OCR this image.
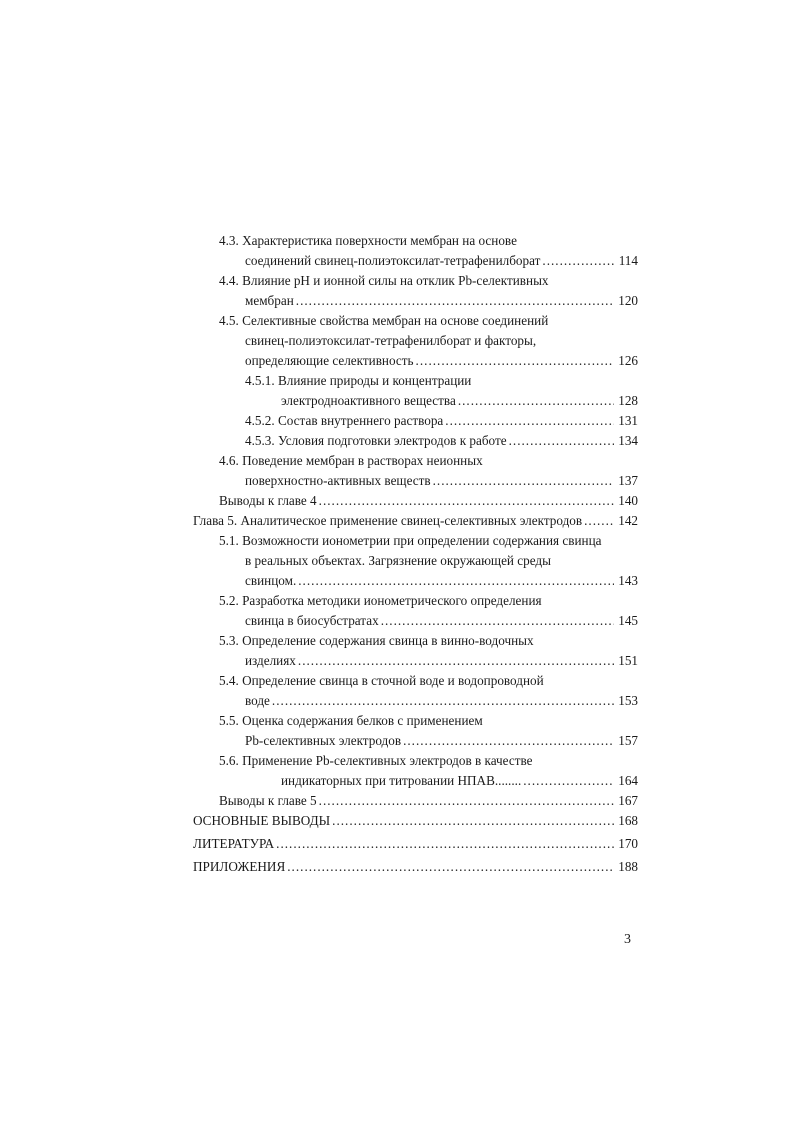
4.3. Характеристика поверхности мембран на основе
соединений свинец-полиэтоксилат-тетрафенилборат .....	114
4.4. Влияние pH и ионной силы на отклик Pb-селективных
мембран .....	120
4.5. Селективные свойства мембран на основе соединений
свинец-полиэтоксилат-тетрафенилборат и факторы,
определяющие селективность .....	126
4.5.1. Влияние природы и концентрации
электродноактивного вещества .....	128
4.5.2. Состав внутреннего раствора .....	131
4.5.3. Условия подготовки электродов к работе .....	134
4.6. Поведение мембран в растворах неионных
поверхностно-активных веществ .....	137
Выводы к главе 4 .....	140
Глава 5. Аналитическое применение свинец-селективных электродов .....	142
5.1. Возможности ионометрии при определении содержания свинца
в реальных объектах. Загрязнение окружающей среды
свинцом. .....	143
5.2. Разработка методики ионометрического определения
свинца в биосубстратах .....	145
5.3. Определение содержания свинца в винно-водочных
изделиях .....	151
5.4. Определение свинца в сточной воде и водопроводной
воде .....	153
5.5. Оценка содержания белков с применением
Pb-селективных электродов .....	157
5.6. Применение Pb-селективных электродов в качестве
индикаторных при титровании НПАВ........ .....	164
Выводы к главе 5 .....	167
ОСНОВНЫЕ ВЫВОДЫ .....	168
ЛИТЕРАТУРА .....	170
ПРИЛОЖЕНИЯ .....	188
3
